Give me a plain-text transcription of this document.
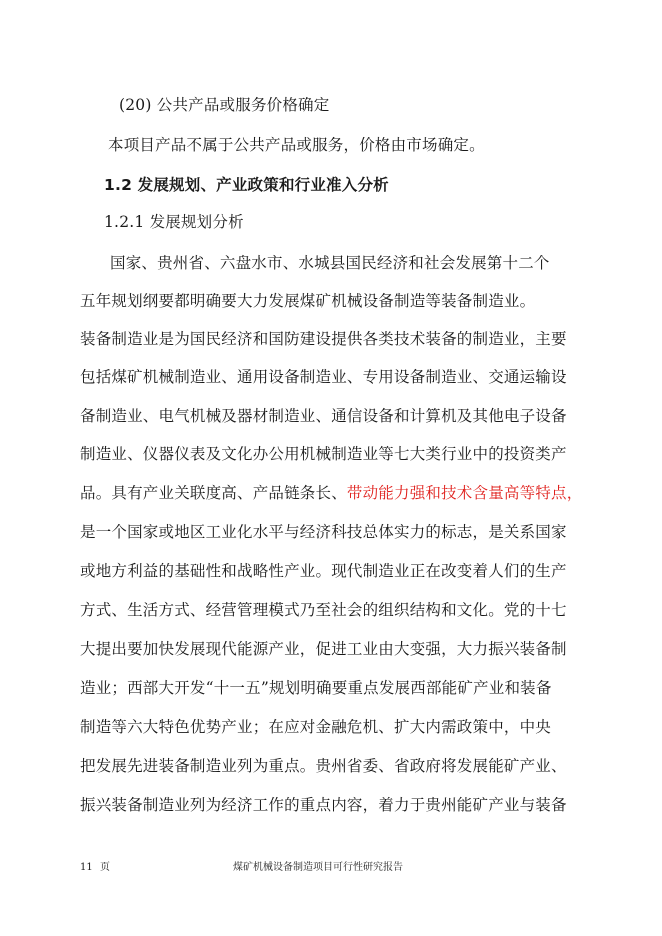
(20) 公共产品或服务价格确定
本项目产品不属于公共产品或服务，价格由市场确定。
1.2 发展规划、产业政策和行业准入分析
1.2.1 发展规划分析
国家、贵州省、六盘水市、水城县国民经济和社会发展第十二个
五年规划纲要都明确要大力发展煤矿机械设备制造等装备制造业。
装备制造业是为国民经济和国防建设提供各类技术装备的制造业，主要
包括煤矿机械制造业、通用设备制造业、专用设备制造业、交通运输设
备制造业、电气机械及器材制造业、通信设备和计算机及其他电子设备
制造业、仪器仪表及文化办公用机械制造业等七大类行业中的投资类产
品。具有产业关联度高、产品链条长、带动能力强和技术含量高等特点，
是一个国家或地区工业化水平与经济科技总体实力的标志，是关系国家
或地方利益的基础性和战略性产业。现代制造业正在改变着人们的生产
方式、生活方式、经营管理模式乃至社会的组织结构和文化。党的十七
大提出要加快发展现代能源产业，促进工业由大变强，大力振兴装备制
造业；西部大开发“十一五”规划明确要重点发展西部能矿产业和装备
制造等六大特色优势产业；在应对金融危机、扩大内需政策中，中央
把发展先进装备制造业列为重点。贵州省委、省政府将发展能矿产业、
振兴装备制造业列为经济工作的重点内容，着力于贵州能矿产业与装备
11 页	煤矿机械设备制造项目可行性研究报告
